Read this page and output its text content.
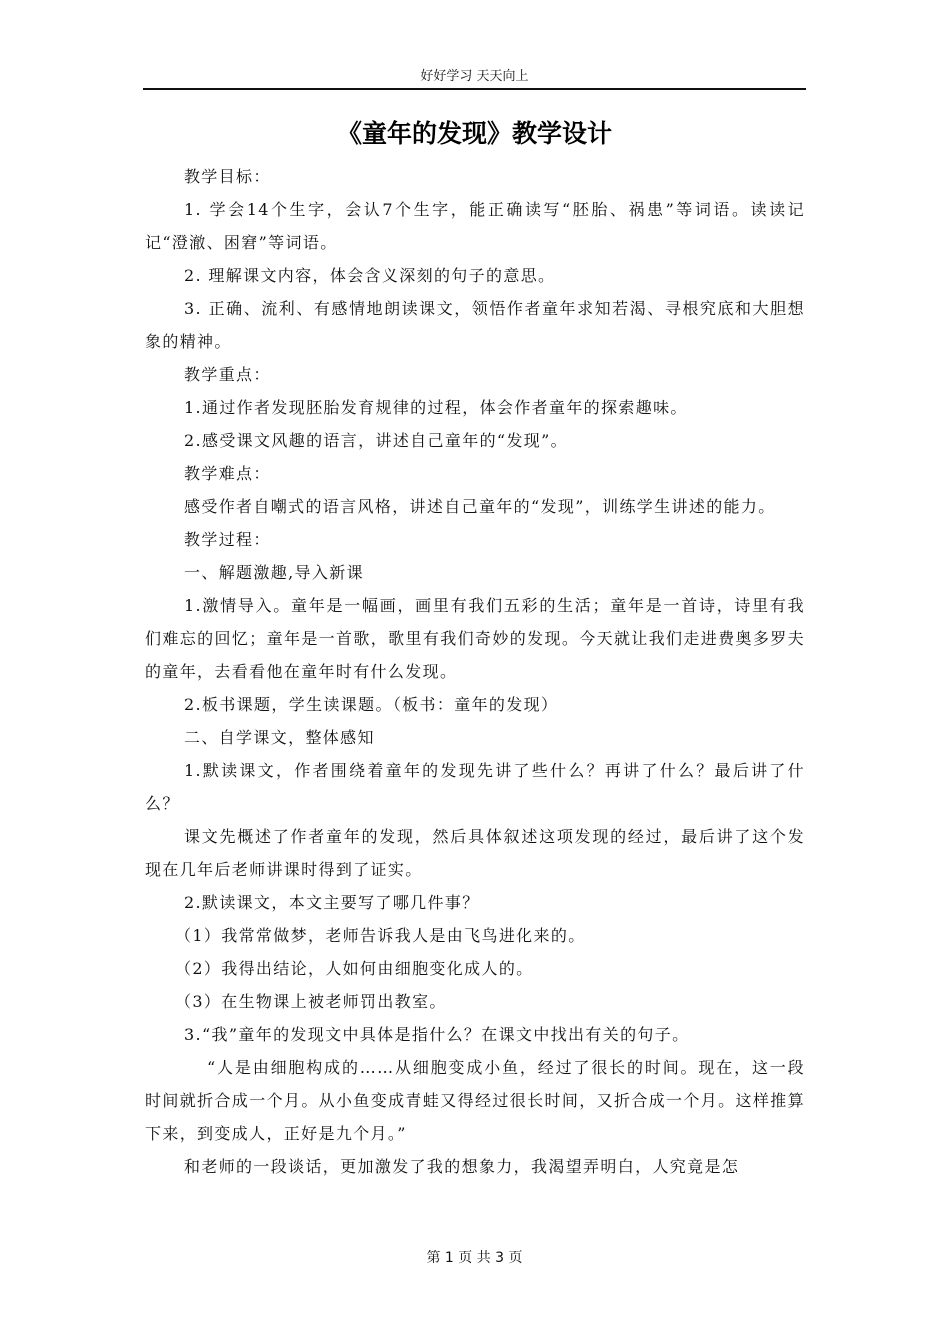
好好学习 天天向上
《童年的发现》教学设计

教学目标：

1. 学会14个生字，会认7个生字，能正确读写“胚胎、祸患”等词语。读读记记“澄澈、困窘”等词语。

2. 理解课文内容，体会含义深刻的句子的意思。

3. 正确、流利、有感情地朗读课文，领悟作者童年求知若渴、寻根究底和大胆想象的精神。

教学重点：

1.通过作者发现胚胎发育规律的过程，体会作者童年的探索趣味。

2.感受课文风趣的语言，讲述自己童年的“发现”。

教学难点：

感受作者自嘲式的语言风格，讲述自己童年的“发现”，训练学生讲述的能力。

教学过程：

一、解题激趣,导入新课

1.激情导入。童年是一幅画，画里有我们五彩的生活；童年是一首诗，诗里有我们难忘的回忆；童年是一首歌，歌里有我们奇妙的发现。今天就让我们走进费奥多罗夫的童年，去看看他在童年时有什么发现。

2.板书课题，学生读课题。（板书：童年的发现）

二、自学课文，整体感知

1.默读课文，作者围绕着童年的发现先讲了些什么？再讲了什么？最后讲了什么？

课文先概述了作者童年的发现，然后具体叙述这项发现的经过，最后讲了这个发现在几年后老师讲课时得到了证实。

2.默读课文，本文主要写了哪几件事？

（1）我常常做梦，老师告诉我人是由飞鸟进化来的。

（2）我得出结论，人如何由细胞变化成人的。

（3）在生物课上被老师罚出教室。

3.“我”童年的发现文中具体是指什么？在课文中找出有关的句子。

“人是由细胞构成的……从细胞变成小鱼，经过了很长的时间。现在，这一段时间就折合成一个月。从小鱼变成青蛙又得经过很长时间，又折合成一个月。这样推算下来，到变成人，正好是九个月。”

和老师的一段谈话，更加激发了我的想象力，我渴望弄明白，人究竟是怎

第 1 页 共 3 页
